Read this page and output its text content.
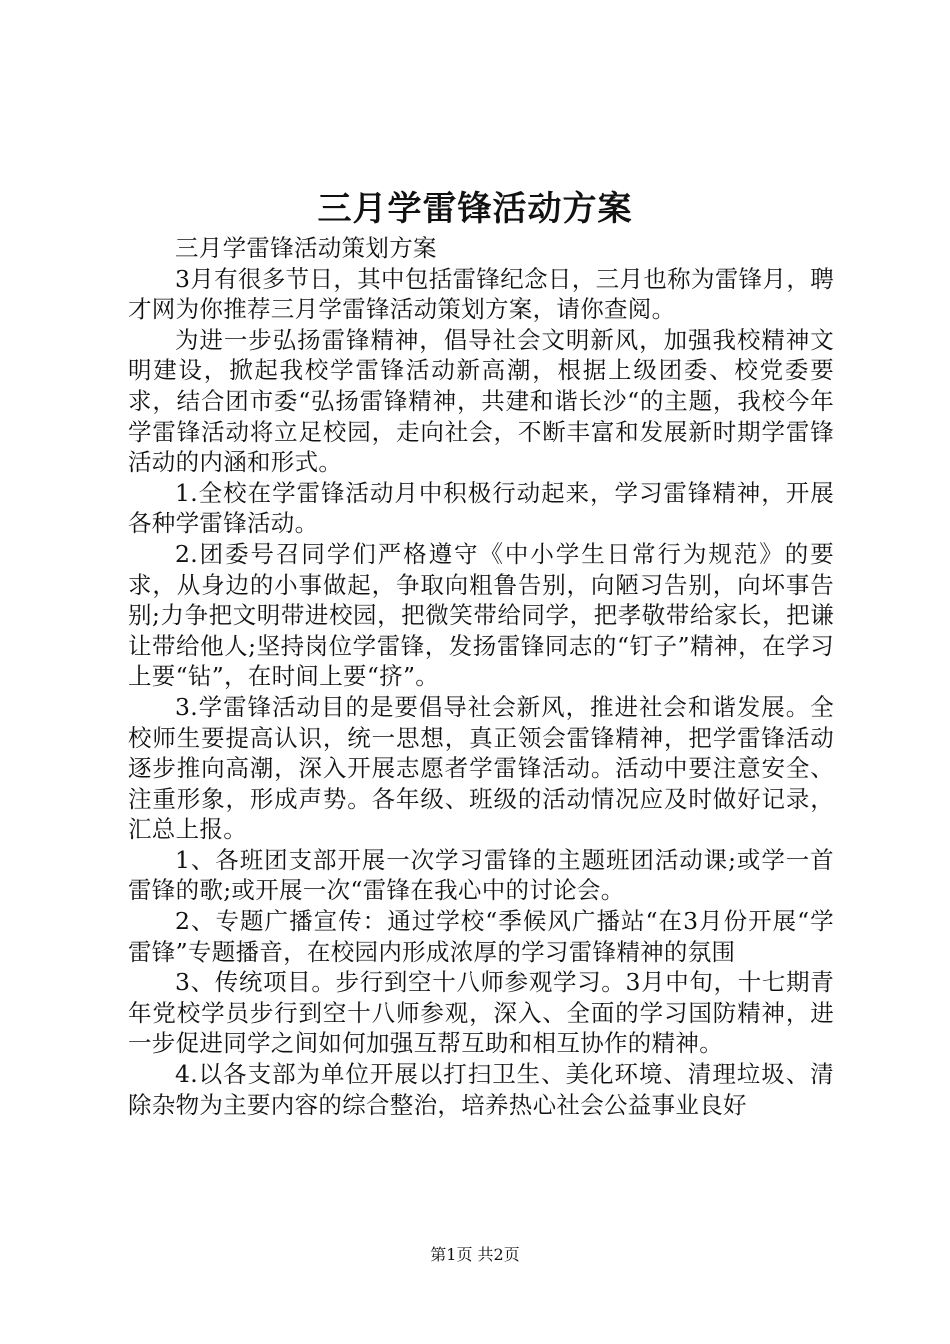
三月学雷锋活动方案

三月学雷锋活动策划方案

3月有很多节日，其中包括雷锋纪念日，三月也称为雷锋月，聘才网为你推荐三月学雷锋活动策划方案，请你查阅。

为进一步弘扬雷锋精神，倡导社会文明新风，加强我校精神文明建设，掀起我校学雷锋活动新高潮，根据上级团委、校党委要求，结合团市委“弘扬雷锋精神，共建和谐长沙“的主题，我校今年学雷锋活动将立足校园，走向社会，不断丰富和发展新时期学雷锋活动的内涵和形式。

1.全校在学雷锋活动月中积极行动起来，学习雷锋精神，开展各种学雷锋活动。

2.团委号召同学们严格遵守《中小学生日常行为规范》的要求，从身边的小事做起，争取向粗鲁告别，向陋习告别，向坏事告别;力争把文明带进校园，把微笑带给同学，把孝敬带给家长，把谦让带给他人;坚持岗位学雷锋，发扬雷锋同志的“钉子”精神，在学习上要“钻”，在时间上要“挤”。

3.学雷锋活动目的是要倡导社会新风，推进社会和谐发展。全校师生要提高认识，统一思想，真正领会雷锋精神，把学雷锋活动逐步推向高潮，深入开展志愿者学雷锋活动。活动中要注意安全、注重形象，形成声势。各年级、班级的活动情况应及时做好记录，汇总上报。

1、各班团支部开展一次学习雷锋的主题班团活动课;或学一首雷锋的歌;或开展一次“雷锋在我心中的讨论会。

2、专题广播宣传：通过学校“季候风广播站“在3月份开展“学雷锋”专题播音，在校园内形成浓厚的学习雷锋精神的氛围

3、传统项目。步行到空十八师参观学习。3月中旬，十七期青年党校学员步行到空十八师参观，深入、全面的学习国防精神，进一步促进同学之间如何加强互帮互助和相互协作的精神。

4.以各支部为单位开展以打扫卫生、美化环境、清理垃圾、清除杂物为主要内容的综合整治，培养热心社会公益事业良好

第1页 共2页
